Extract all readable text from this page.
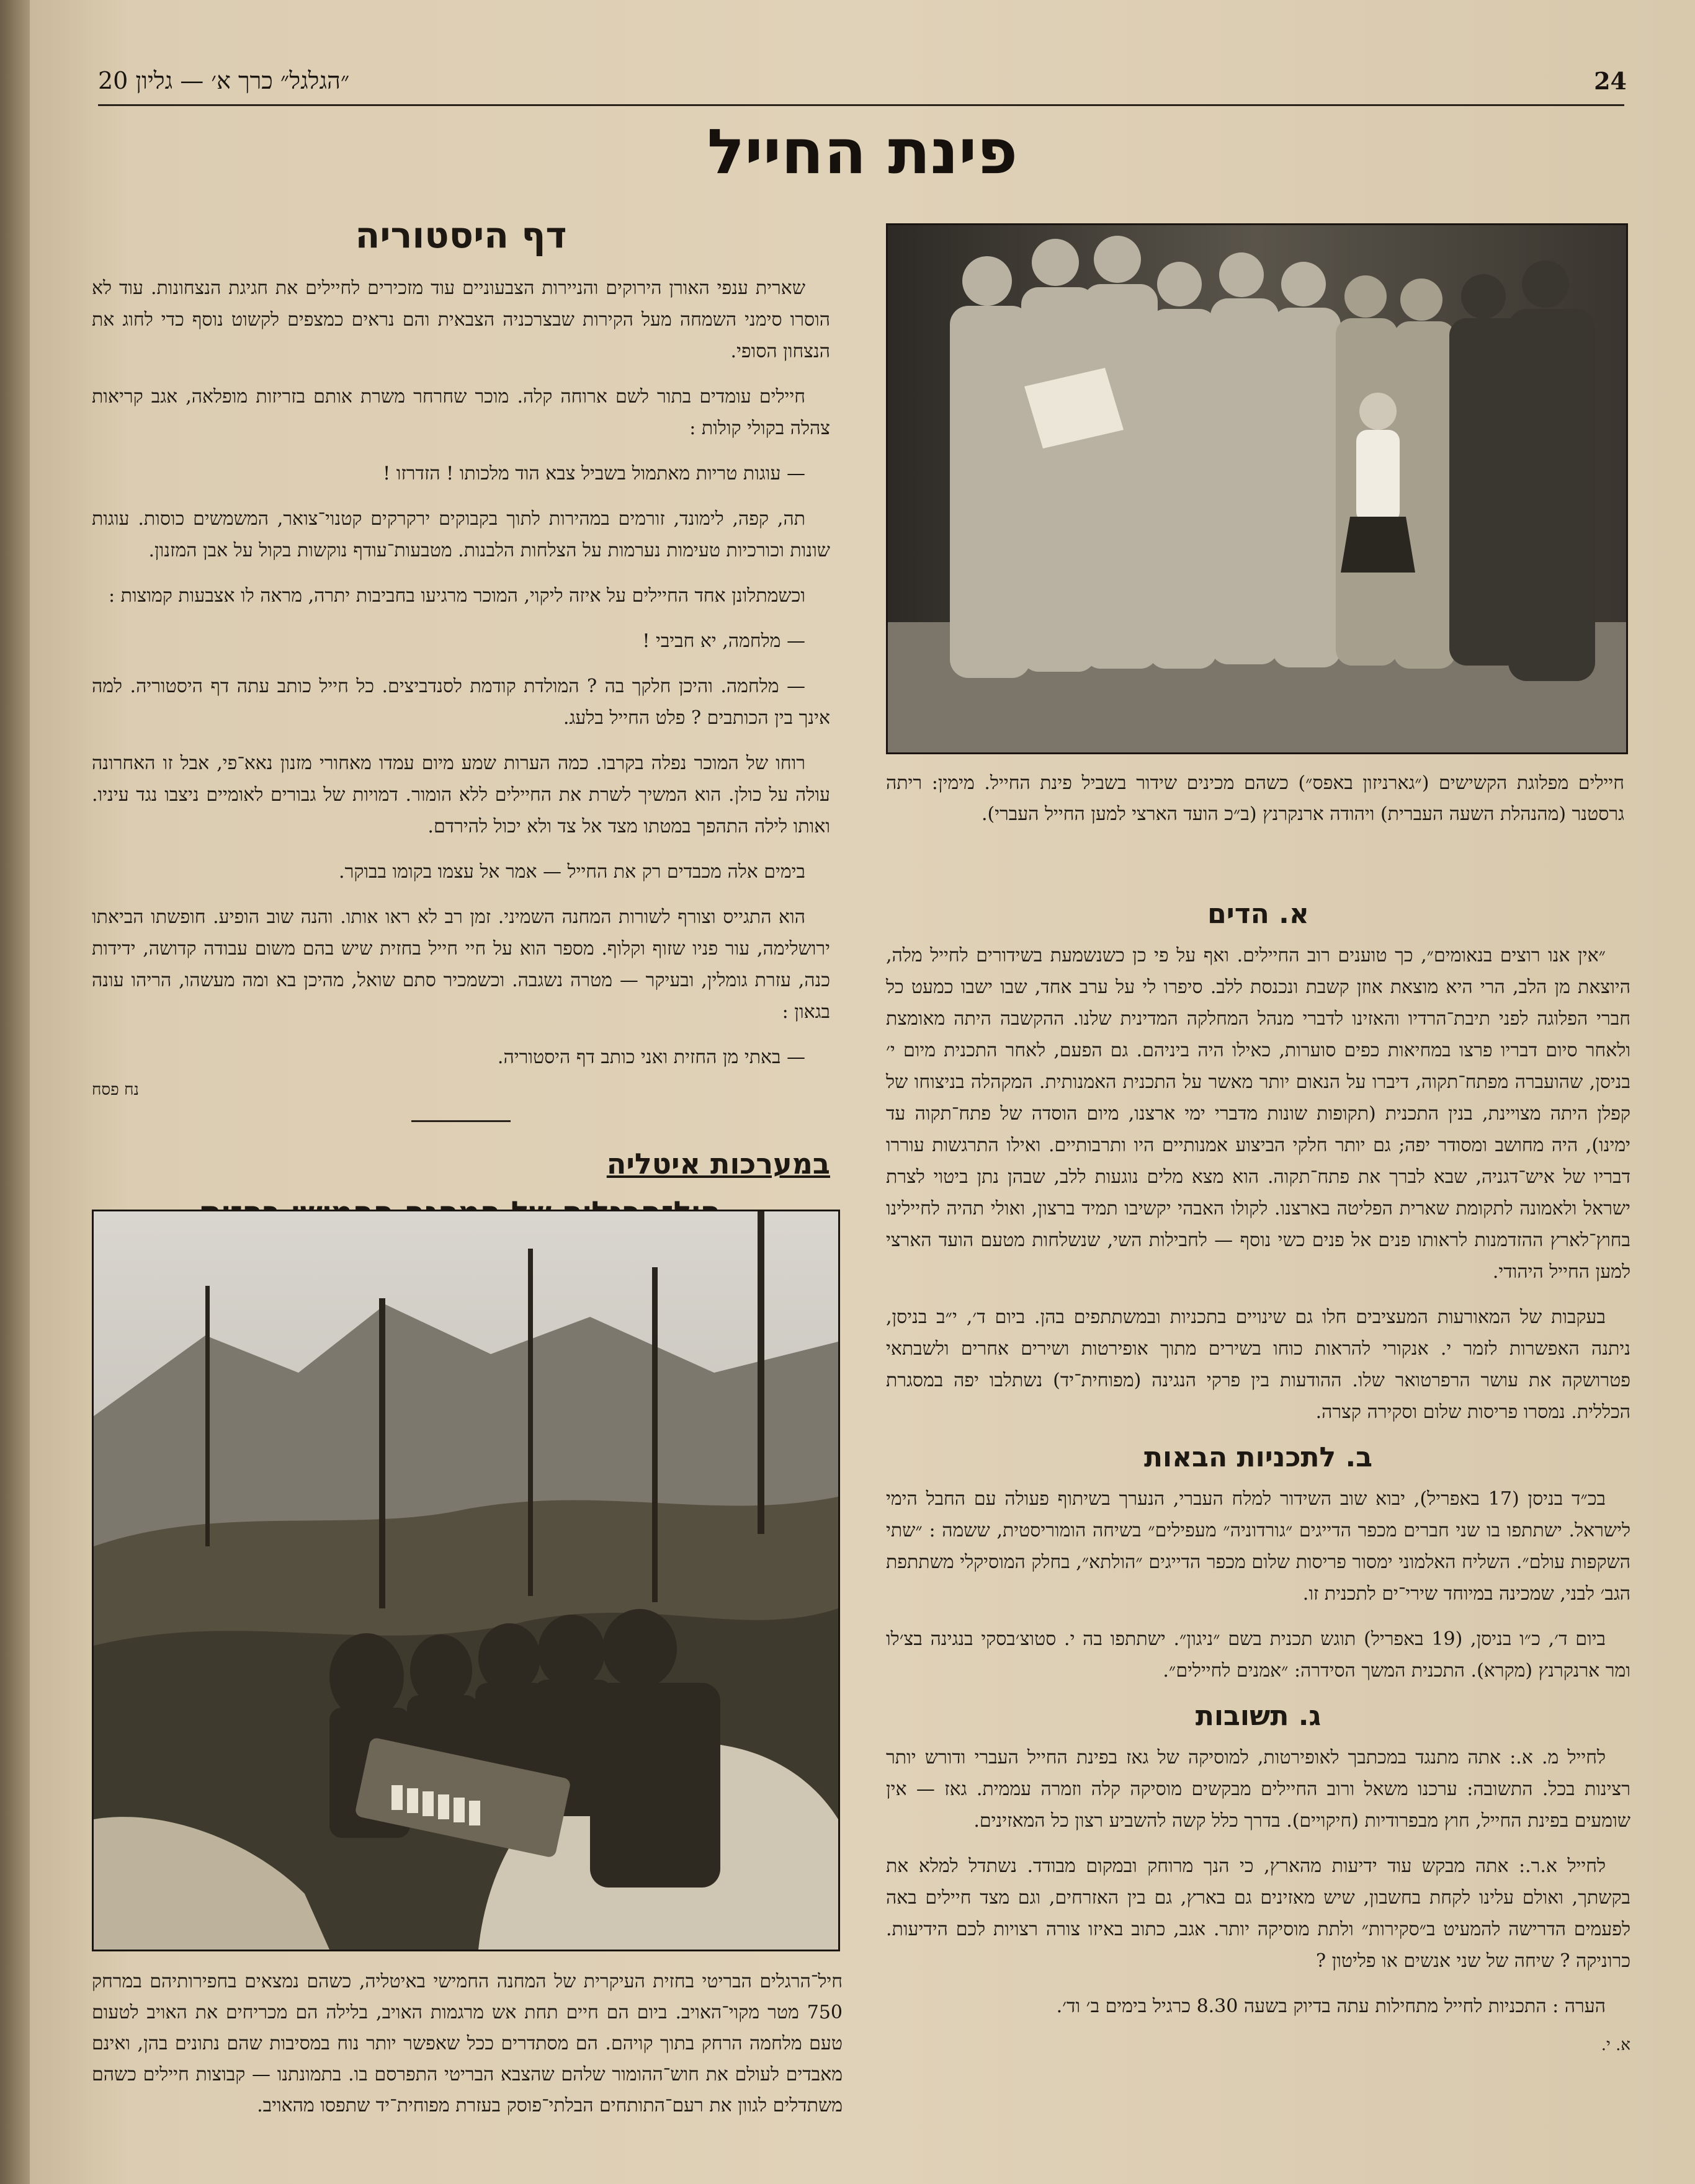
״הגלגל״ כרך א׳ — גליון 20	24
פינת החייל
דף היסטוריה

שארית ענפי האורן הירוקים והניירות הצבעוניים עוד מזכירים לחיילים את חגיגת הנצחונות. עוד לא הוסרו סימני השמחה מעל הקירות שבצרכניה הצבאית והם נראים כמצפים לקשוט נוסף כדי לחוג את הנצחון הסופי.

חיילים עומדים בתור לשם ארוחה קלה. מוכר שחרחר משרת אותם בזריזות מופלאה, אגב קריאות צהלה בקולי קולות :

— עוגות טריות מאתמול בשביל צבא הוד מלכותו ! הזדרזו !

תה, קפה, לימונד, זורמים במהירות לתוך בקבוקים ירקרקים קטנוי־צואר, המשמשים כוסות. עוגות שונות וכורכיות טעימות נערמות על הצלחות הלבנות. מטבעות־עודף נוקשות בקול על אבן המזנון.

וכשמתלונן אחד החיילים על איזה ליקוי, המוכר מרגיעו בחביבות יתרה, מראה לו אצבעות קמוצות :

— מלחמה, יא חביבי !

— מלחמה. והיכן חלקך בה ? המולדת קודמת לסנדביצים. כל חייל כותב עתה דף היסטוריה. למה אינך בין הכותבים ? פלט החייל בלעג.

רוחו של המוכר נפלה בקרבו. כמה הערות שמע מיום עמדו מאחורי מזנון נאא־פי, אבל זו האחרונה עולה על כולן. הוא המשיך לשרת את החיילים ללא הומור. דמויות של גבורים לאומיים ניצבו נגד עיניו. ואותו לילה התהפך במטתו מצד אל צד ולא יכול להירדם.

בימים אלה מכבדים רק את החייל — אמר אל עצמו בקומו בבוקר.

הוא התגייס וצורף לשורות המחנה השמיני. זמן רב לא ראו אותו. והנה שוב הופיע. חופשתו הביאתו ירושלימה, עור פניו שזוף וקלוף. מספר הוא על חיי חייל בחזית שיש בהם משום עבודה קדושה, ידידות כנה, עזרת גומלין, ובעיקר — מטרה נשגבה. וכשמכיר סתם שואל, מהיכן בא ומה מעשהו, הריהו עונה בגאון :

— באתי מן החזית ואני כותב דף היסטוריה.

נח פסח
במערכות איטליה
חיל־הרגלים הבריטי בחזית העיקרית של המחנה החמישי באיטליה, כשהם נמצאים בחפירותיהם במרחק 750 מטר מקוי־האויב. ביום הם חיים תחת אש מרגמות האויב, בלילה הם מכריחים את האויב לטעום טעם מלחמה הרחק בתוך קויהם. הם מסתדרים ככל שאפשר יותר נוח במסיבות שהם נתונים בהן, ואינם מאבדים לעולם את חוש־ההומור שלהם שהצבא הבריטי התפרסם בו. בתמונתנו — קבוצות חיילים כשהם משתדלים לגוון את רעם־התותחים הבלתי־פוסק בעזרת מפוחית־יד שתפסו מהאויב.
חיילים מפלוגת הקשישים (״גארניזון באפס״) כשהם מכינים שידור בשביל פינת החייל. מימין: ריתה גרסטנר (מהנהלת השעה העברית) ויהודה ארנקרנץ (ב״כ הועד הארצי למען החייל העברי).
א. הדים

״אין אנו רוצים בנאומים״, כך טוענים רוב החיילים. ואף על פי כן כשנשמעת בשידורים לחייל מלה, היוצאת מן הלב, הרי היא מוצאת אוזן קשבת ונכנסת ללב. סיפרו לי על ערב אחד, שבו ישבו כמעט כל חברי הפלוגה לפני תיבת־הרדיו והאזינו לדברי מנהל המחלקה המדינית שלנו. ההקשבה היתה מאומצת ולאחר סיום דבריו פרצו במחיאות כפים סוערות, כאילו היה ביניהם. גם הפעם, לאחר התכנית מיום י׳ בניסן, שהועברה מפתח־תקוה, דיברו על הנאום יותר מאשר על התכנית האמנותית. המקהלה בניצוחו של קפלן היתה מצויינת, בנין התכנית (תקופות שונות מדברי ימי ארצנו, מיום הוסדה של פתח־תקוה עד ימינו), היה מחושב ומסודר יפה; גם יותר חלקי הביצוע אמנותיים היו ותרבותיים. ואילו התרגשות עוררו דבריו של איש־דגניה, שבא לברך את פתח־תקוה. הוא מצא מלים נוגעות ללב, שבהן נתן ביטוי לצרת ישראל ולאמונה לתקומת שארית הפליטה בארצנו. לקולו האבהי יקשיבו תמיד ברצון, ואולי תהיה לחיילינו בחוץ־לארץ ההזדמנות לראותו פנים אל פנים כשי נוסף — לחבילות השי, שנשלחות מטעם הועד הארצי למען החייל היהודי.

בעקבות של המאורעות המעציבים חלו גם שינויים בתכניות ובמשתתפים בהן. ביום ד׳, י״ב בניסן, ניתנה האפשרות לזמר י. אנקורי להראות כוחו בשירים מתוך אופירטות ושירים אחרים ולשבתאי פטרושקה את עושר הרפרטואר שלו. ההודעות בין פרקי הנגינה (מפוחית־יד) נשתלבו יפה במסגרת הכללית. נמסרו פריסות שלום וסקירה קצרה.

ב. לתכניות הבאות

בכ״ד בניסן (17 באפריל), יבוא שוב השידור למלח העברי, הנערך בשיתוף פעולה עם החבל הימי לישראל. ישתתפו בו שני חברים מכפר הדייגים ״גורדוניה״ מעפילים״ בשיחה הומוריסטית, ששמה : ״שתי השקפות עולם״. השליח האלמוני ימסור פריסות שלום מכפר הדייגים ״הולתא״, בחלק המוסיקלי משתתפת הגב׳ לבני, שמכינה במיוחד שירי־ים לתכנית זו.

ביום ד׳, כ״ו בניסן, (19 באפריל) תוגש תכנית בשם ״ניגון״. ישתתפו בה י. סטוצ׳בסקי בנגינה בצ׳לו ומר ארנקרנץ (מקרא). התכנית המשך הסידרה: ״אמנים לחיילים״.

ג. תשובות

לחייל מ. א.: אתה מתנגד במכתבך לאופירטות, למוסיקה של גאז בפינת החייל העברי ודורש יותר רצינות בכל. התשובה: ערכנו משאל ורוב החיילים מבקשים מוסיקה קלה וזמרה עממית. גאז — אין שומעים בפינת החייל, חוץ מבפרודיות (חיקויים). בדרך כלל קשה להשביע רצון כל המאזינים.

לחייל א.ר.: אתה מבקש עוד ידיעות מהארץ, כי הנך מרוחק ובמקום מבודד. נשתדל למלא את בקשתך, ואולם עלינו לקחת בחשבון, שיש מאזינים גם בארץ, גם בין האזרחים, וגם מצד חיילים באה לפעמים הדרישה להמעיט ב״סקירות״ ולתת מוסיקה יותר. אגב, כתוב באיזו צורה רצויות לכם הידיעות. כרוניקה ? שיחה של שני אנשים או פליטון ?

הערה : התכניות לחייל מתחילות עתה בדיוק בשעה 8.30 כרגיל בימים ב׳ וד׳.

א. י.
